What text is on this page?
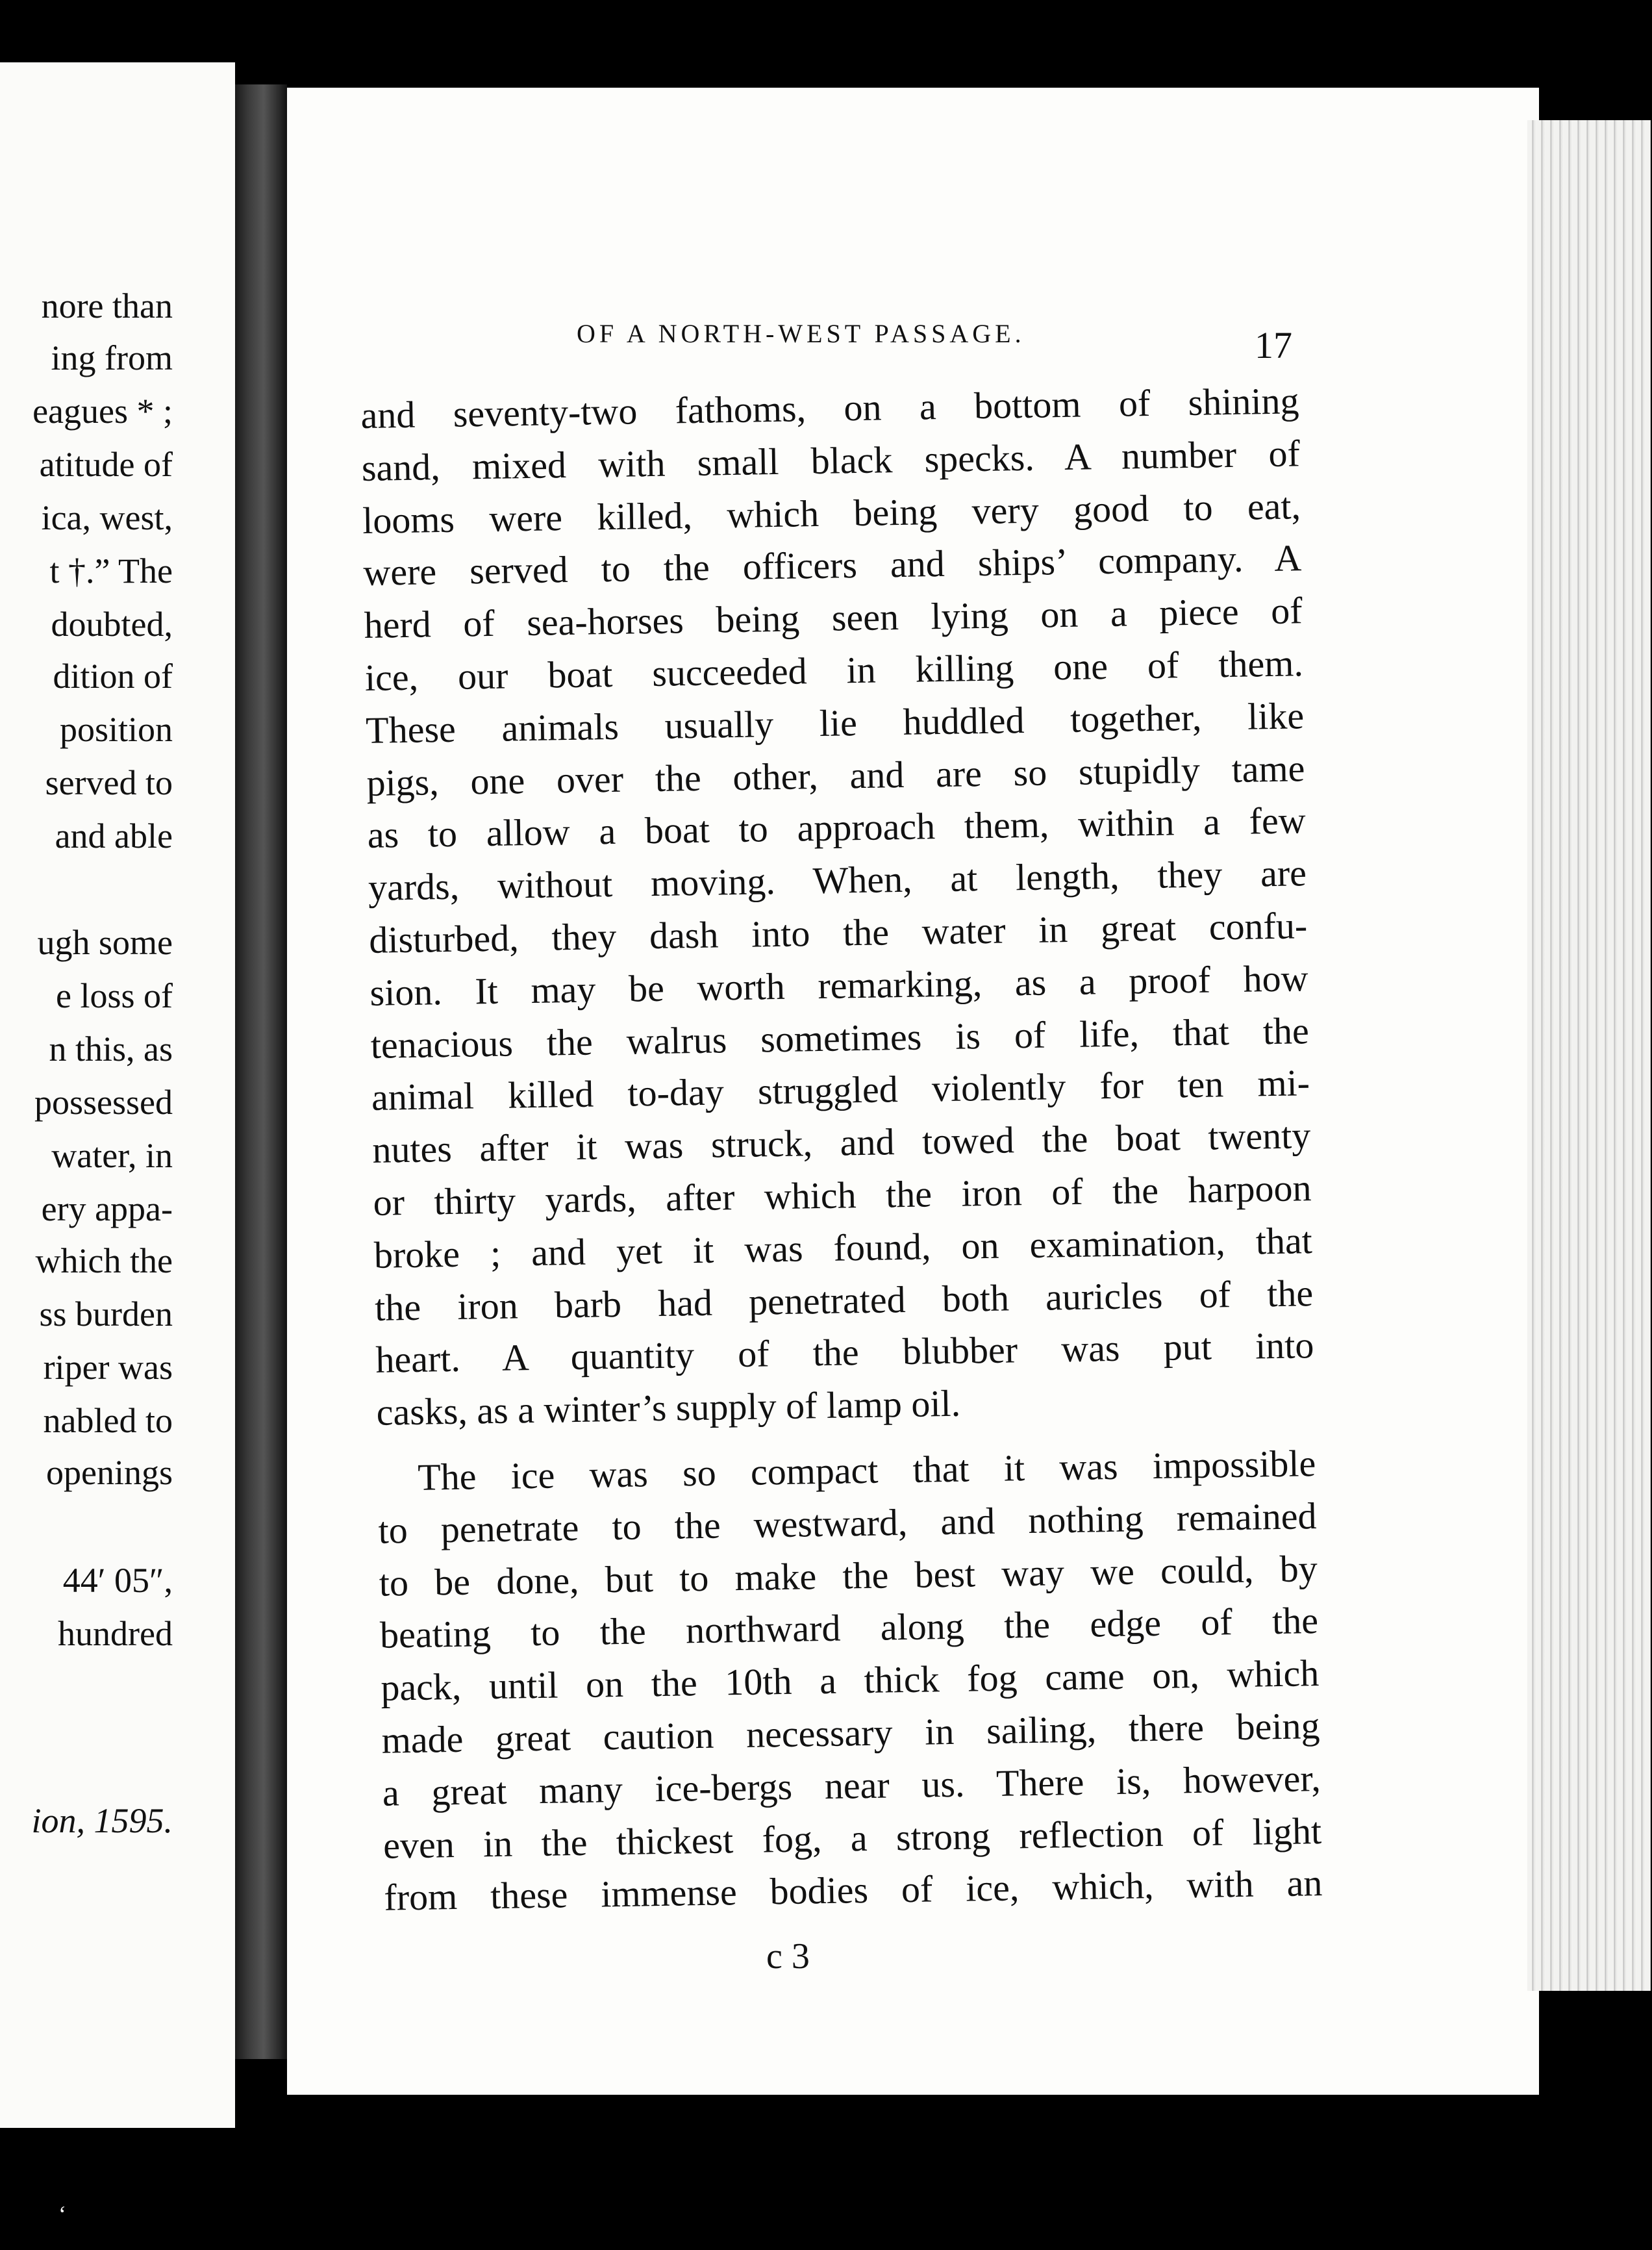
nore than
ing from
eagues * ;
atitude of
ica, west,
t †.” The
doubted,
dition of
position
served to
and able
ugh some
e loss of
n this, as
possessed
water, in
ery appa-
which the
ss burden
riper was
nabled to
openings
44′ 05″,
hundred
ion, 1595.
OF A NORTH-WEST PASSAGE.	17
and seventy-two fathoms, on a bottom of shining
sand, mixed with small black specks. A number of
looms were killed, which being very good to eat,
were served to the officers and ships’ company. A
herd of sea-horses being seen lying on a piece of
ice, our boat succeeded in killing one of them.
These animals usually lie huddled together, like
pigs, one over the other, and are so stupidly tame
as to allow a boat to approach them, within a few
yards, without moving. When, at length, they are
disturbed, they dash into the water in great confu-
sion. It may be worth remarking, as a proof how
tenacious the walrus sometimes is of life, that the
animal killed to-day struggled violently for ten mi-
nutes after it was struck, and towed the boat twenty
or thirty yards, after which the iron of the harpoon
broke ; and yet it was found, on examination, that
the iron barb had penetrated both auricles of the
heart. A quantity of the blubber was put into
casks, as a winter’s supply of lamp oil.
The ice was so compact that it was impossible
to penetrate to the westward, and nothing remained
to be done, but to make the best way we could, by
beating to the northward along the edge of the
pack, until on the 10th a thick fog came on, which
made great caution necessary in sailing, there being
a great many ice-bergs near us. There is, however,
even in the thickest fog, a strong reflection of light
from these immense bodies of ice, which, with an
c 3
‘
